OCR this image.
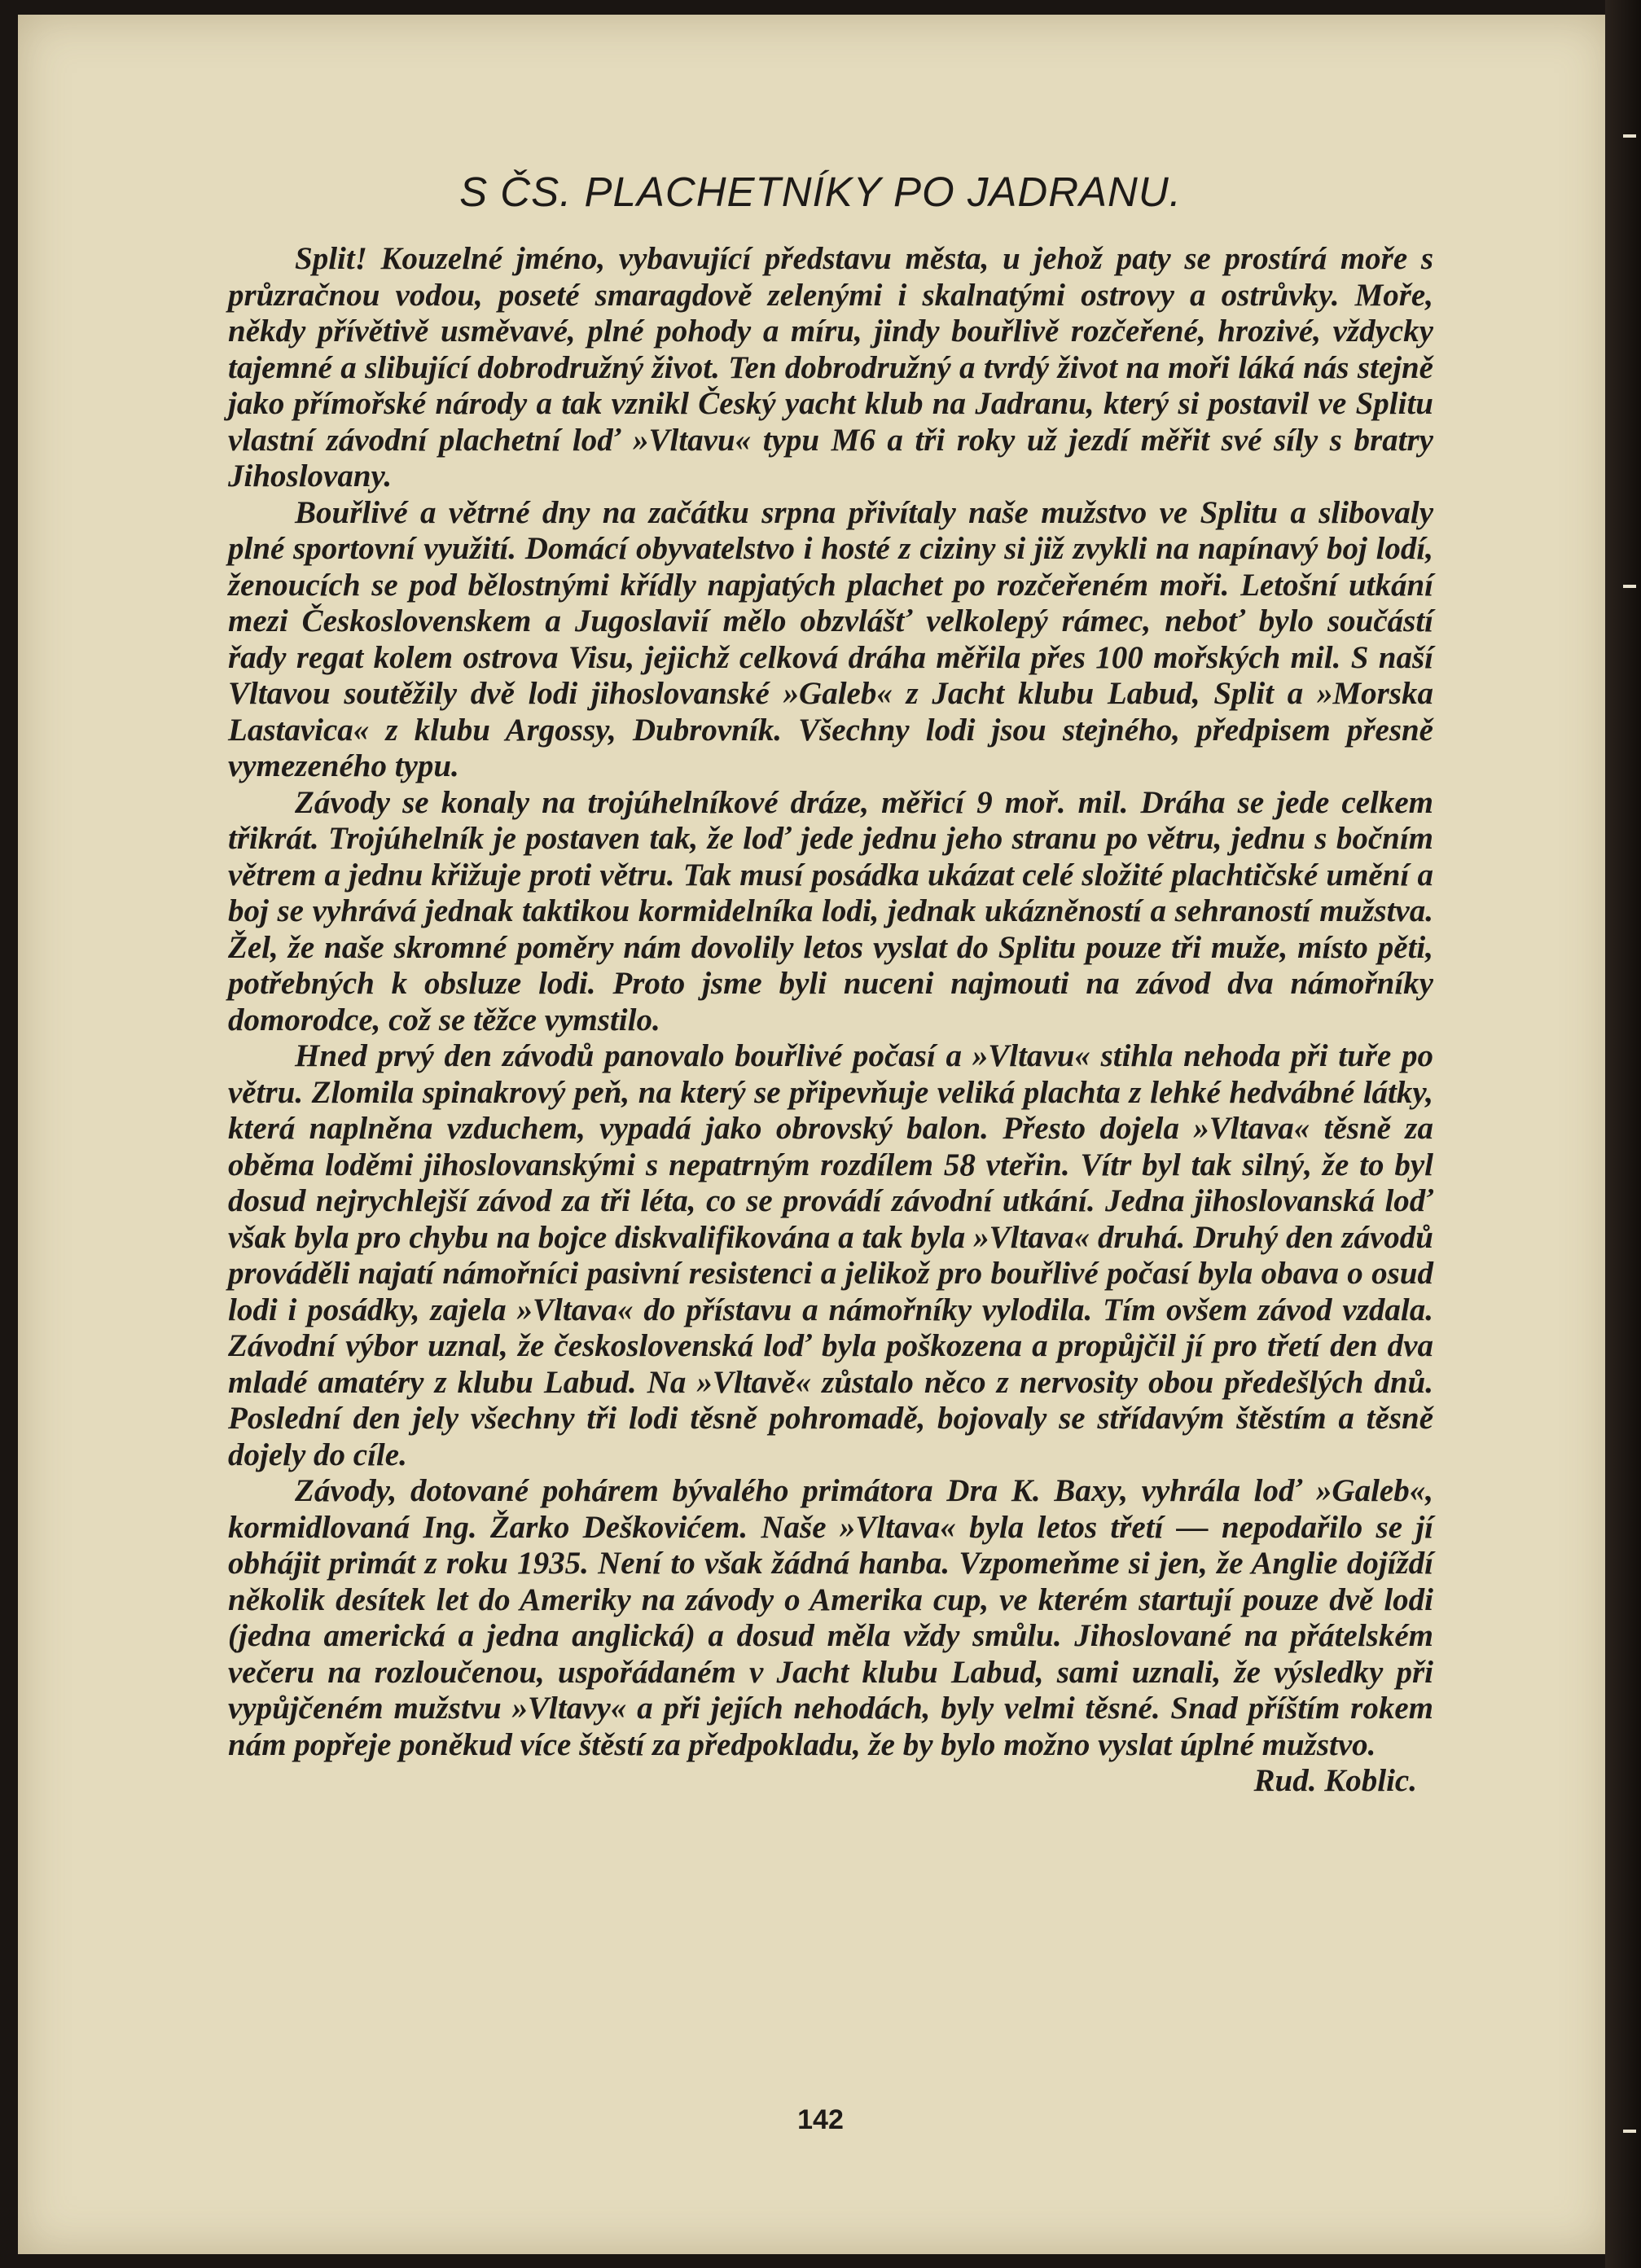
S ČS. PLACHETNÍKY PO JADRANU.

Split! Kouzelné jméno, vybavující představu města, u jehož paty se prostírá moře s průzračnou vodou, poseté smaragdově zelenými i skalnatými ostrovy a ostrůvky. Moře, někdy přívětivě usměvavé, plné pohody a míru, jindy bouřlivě rozčeřené, hrozivé, vždycky tajemné a slibující dobrodružný život. Ten dobrodružný a tvrdý život na moři láká nás stejně jako přímořské národy a tak vznikl Český yacht klub na Jadranu, který si postavil ve Splitu vlastní závodní plachetní loď »Vltavu« typu M6 a tři roky už jezdí měřit své síly s bratry Jihoslovany.

Bouřlivé a větrné dny na začátku srpna přivítaly naše mužstvo ve Splitu a slibovaly plné sportovní využití. Domácí obyvatelstvo i hosté z ciziny si již zvykli na napínavý boj lodí, ženoucích se pod bělostnými křídly napjatých plachet po rozčeřeném moři. Letošní utkání mezi Československem a Jugoslavií mělo obzvlášť velkolepý rámec, neboť bylo součástí řady regat kolem ostrova Visu, jejichž celková dráha měřila přes 100 mořských mil. S naší Vltavou soutěžily dvě lodi jihoslovanské »Galeb« z Jacht klubu Labud, Split a »Morska Lastavica« z klubu Argossy, Dubrovník. Všechny lodi jsou stejného, předpisem přesně vymezeného typu.

Závody se konaly na trojúhelníkové dráze, měřicí 9 moř. mil. Dráha se jede celkem třikrát. Trojúhelník je postaven tak, že loď jede jednu jeho stranu po větru, jednu s bočním větrem a jednu křižuje proti větru. Tak musí posádka ukázat celé složité plachtičské umění a boj se vyhrává jednak taktikou kormidelníka lodi, jednak ukázněností a sehraností mužstva. Žel, že naše skromné poměry nám dovolily letos vyslat do Splitu pouze tři muže, místo pěti, potřebných k obsluze lodi. Proto jsme byli nuceni najmouti na závod dva námořníky domorodce, což se těžce vymstilo.

Hned prvý den závodů panovalo bouřlivé počasí a »Vltavu« stihla nehoda při tuře po větru. Zlomila spinakrový peň, na který se připevňuje veliká plachta z lehké hedvábné látky, která naplněna vzduchem, vypadá jako obrovský balon. Přesto dojela »Vltava« těsně za oběma loděmi jihoslovanskými s nepatrným rozdílem 58 vteřin. Vítr byl tak silný, že to byl dosud nejrychlejší závod za tři léta, co se provádí závodní utkání. Jedna jihoslovanská loď však byla pro chybu na bojce diskvalifikována a tak byla »Vltava« druhá. Druhý den závodů prováděli najatí námořníci pasivní resistenci a jelikož pro bouřlivé počasí byla obava o osud lodi i posádky, zajela »Vltava« do přístavu a námořníky vylodila. Tím ovšem závod vzdala. Závodní výbor uznal, že československá loď byla poškozena a propůjčil jí pro třetí den dva mladé amatéry z klubu Labud. Na »Vltavě« zůstalo něco z nervosity obou předešlých dnů. Poslední den jely všechny tři lodi těsně pohromadě, bojovaly se střídavým štěstím a těsně dojely do cíle.

Závody, dotované pohárem bývalého primátora Dra K. Baxy, vyhrála loď »Galeb«, kormidlovaná Ing. Žarko Deškovićem. Naše »Vltava« byla letos třetí — nepodařilo se jí obhájit primát z roku 1935. Není to však žádná hanba. Vzpomeňme si jen, že Anglie dojíždí několik desítek let do Ameriky na závody o Amerika cup, ve kterém startují pouze dvě lodi (jedna americká a jedna anglická) a dosud měla vždy smůlu. Jihoslované na přátelském večeru na rozloučenou, uspořádaném v Jacht klubu Labud, sami uznali, že výsledky při vypůjčeném mužstvu »Vltavy« a při jejích nehodách, byly velmi těsné. Snad příštím rokem nám popřeje poněkud více štěstí za předpokladu, že by bylo možno vyslat úplné mužstvo.
Rud. Koblic.

142
